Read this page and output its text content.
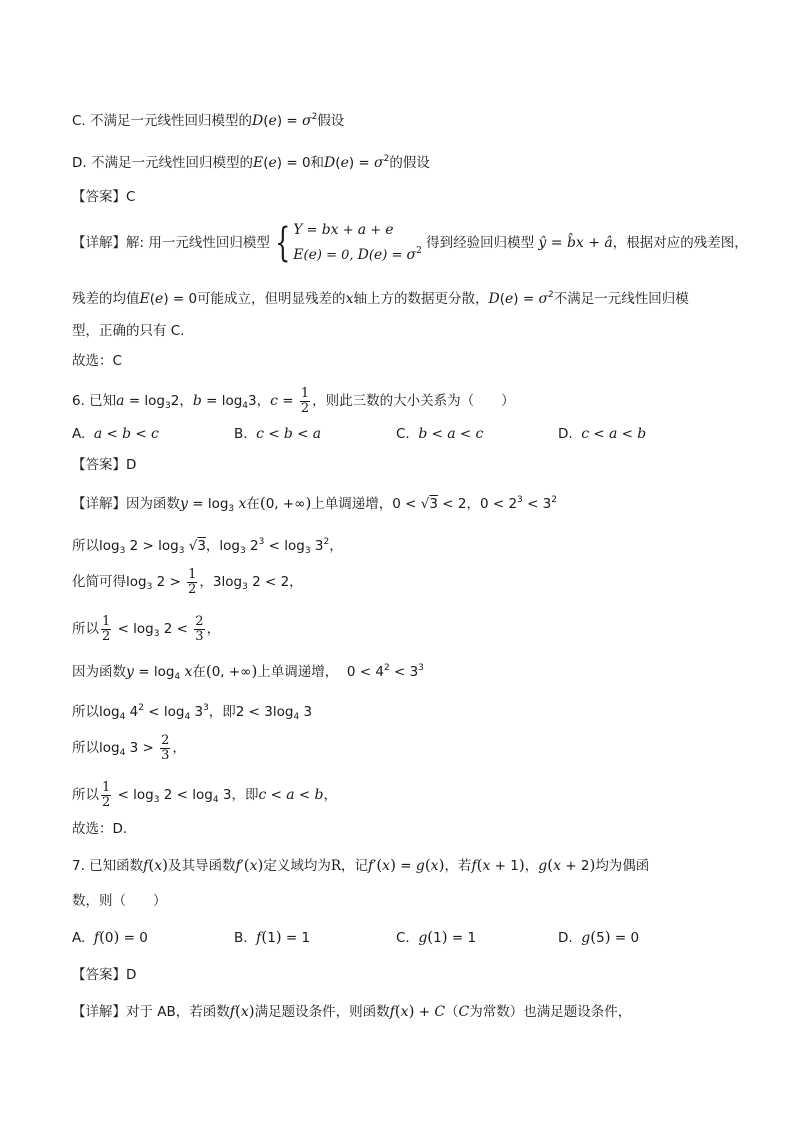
C. 不满足一元线性回归模型的$D(e) = \sigma^2$假设
D. 不满足一元线性回归模型的E(e) = 0和$D(e) = \sigma^2$的假设
【答案】C
【详解】解: 用一元线性回归模型 { Y = bx + a + e
E(e) = 0, $D(e) = \sigma^2$ 得到经验回归模型 ŷ = b̂x + â，根据对应的残差图，
残差的均值E(e) = 0可能成立，但明显残差的x轴上方的数据更分散，$D(e) = \sigma^2$不满足一元线性回归模
型，正确的只有 C.
故选：C
6. 已知$a = \log_32$，$b = \log_43$，$c = \frac{1}{2}$ ，则此三数的大小关系为（　　）
A.  a < b < c	B.  c < b < a	C.  b < a < c	D.  c < a < b
【答案】D
【详解】因为函数$y = \log_3 x$在(0, +∞)上单调递增，0 < √3 < 2，$0 < 2^3 < 3^2$
所以$\log_3 2 > \log_3 √3$，$\log_3 2^3 < \log_3 3^2$，
化简可得$\log_3 2 > \frac{1}{2}$ ，$3\log_3$ 2 < 2，
所以 $\frac{1}{2} < \log_3 2 < \frac{2}{3}$ ，
因为函数$y = \log_4 x$在(0, +∞)上单调递增，  $0 < 4^2 < 3^3$
所以$\log_4 4^2 < \log_4 3^3$，即$2 < 3\log_4$ 3
所以$\log_4 3 > \frac{2}{3}$ ，
所以 $\frac{1}{2} < \log_3 2 < \log_4 3$，即c < a < b，
故选：D.
7. 已知函数f(x)及其导函数f′(x)定义域均为R，记f′(x) = g(x)，若f(x + 1)，g(x + 2)均为偶函
数，则（　　）
A.  f(0) = 0	B.  f(1) = 1	C.  g(1) = 1	D.  g(5) = 0
【答案】D
【详解】对于 AB，若函数f(x)满足题设条件，则函数f(x) + C（C为常数）也满足题设条件，
